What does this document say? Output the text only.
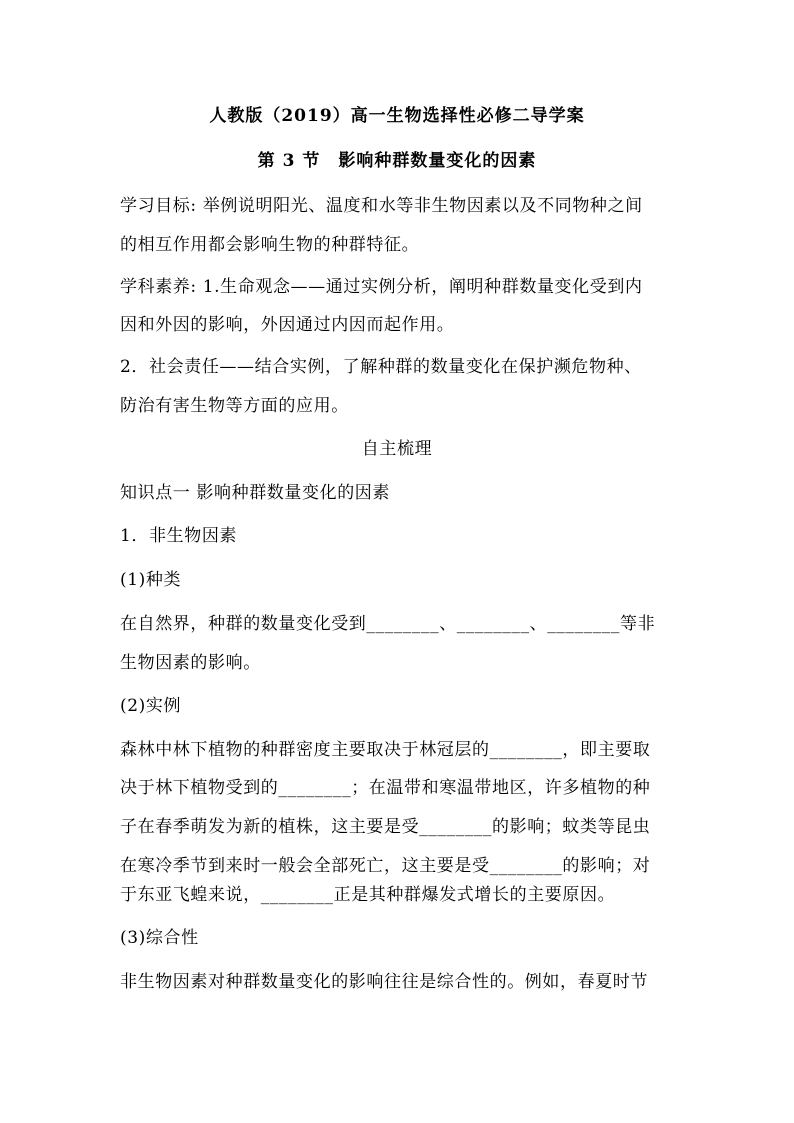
人教版（2019）高一生物选择性必修二导学案
第 3 节　影响种群数量变化的因素
学习目标: 举例说明阳光、温度和水等非生物因素以及不同物种之间
的相互作用都会影响生物的种群特征。
学科素养: 1.生命观念——通过实例分析，阐明种群数量变化受到内
因和外因的影响，外因通过内因而起作用。
2．社会责任——结合实例，了解种群的数量变化在保护濒危物种、
防治有害生物等方面的应用。
自主梳理
知识点一 影响种群数量变化的因素
1．非生物因素
(1)种类
在自然界，种群的数量变化受到________、________、________等非
生物因素的影响。
(2)实例
森林中林下植物的种群密度主要取决于林冠层的________，即主要取
决于林下植物受到的________；在温带和寒温带地区，许多植物的种
子在春季萌发为新的植株，这主要是受________的影响；蚊类等昆虫
在寒冷季节到来时一般会全部死亡，这主要是受________的影响；对
于东亚飞蝗来说，________正是其种群爆发式增长的主要原因。
(3)综合性
非生物因素对种群数量变化的影响往往是综合性的。例如，春夏时节
